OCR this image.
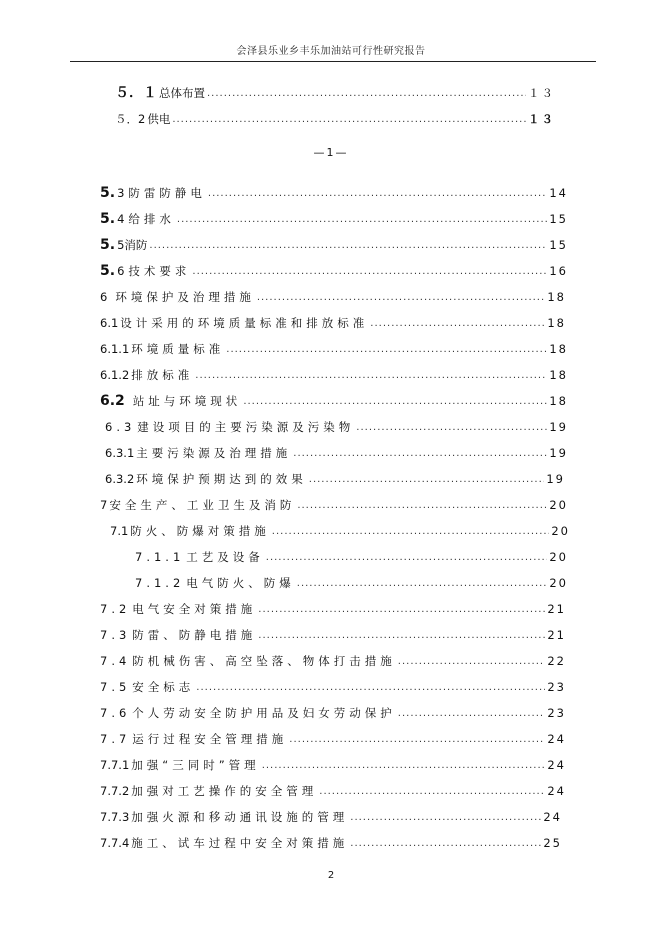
会泽县乐业乡丰乐加油站可行性研究报告
—1—
５．１ 总体布置 .....	１３
５．2 供电 .....	１３
5. 3防雷防静电 .....	14
5. 4给排水 .....	15
5. 5消防 .....	15
5. 6技术要求 .....	16
6 环境保护及治理措施 .....	18
6.1 设计采用的环境质量标准和排放标准 .....	18
6.1.1 环境质量标准 .....	18
6.1.2 排放标准 .....	18
6.2 站址与环境现状 .....	18
6.3 建设项目的主要污染源及污染物 .....	19
6.3.1 主要污染源及治理措施 .....	19
6.3.2 环境保护预期达到的效果 .....	19
7 安全生产、工业卫生及消防 .....	20
7.1 防火、防爆对策措施 .....	20
7.1.1 工艺及设备 .....	20
7.1.2 电气防火、防爆 .....	20
7.2 电气安全对策措施 .....	21
7.3 防雷、防静电措施 .....	21
7.4 防机械伤害、高空坠落、物体打击措施 .....	22
7.5 安全标志 .....	23
7.6 个人劳动安全防护用品及妇女劳动保护 .....	23
7.7 运行过程安全管理措施 .....	24
7.7.1 加强“三同时”管理 .....	24
7.7.2 加强对工艺操作的安全管理 .....	24
7.7.3 加强火源和移动通讯设施的管理 .....	24
7.7.4 施工、试车过程中安全对策措施 .....	25
2
